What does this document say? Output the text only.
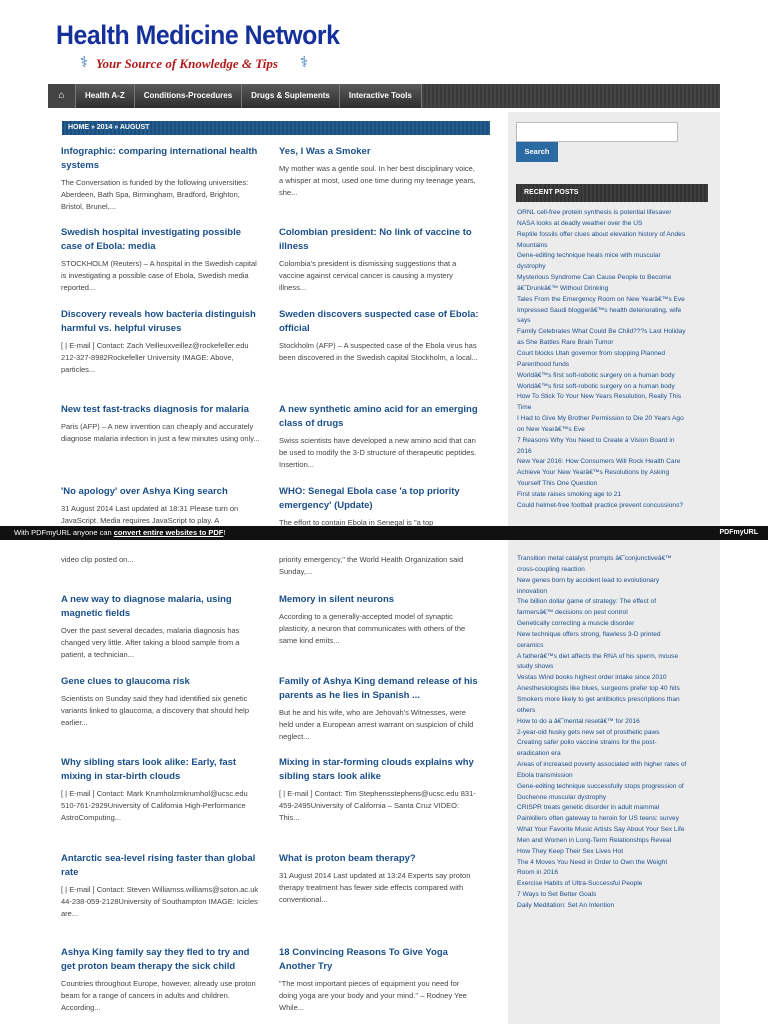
Health Medicine Network
⚕ Your Source of Knowledge & Tips ⚕
⌂	Health A-Z	Conditions-Procedures	Drugs & Suplements	Interactive Tools
HOME » 2014 » AUGUST
Infographic: comparing international health systems
The Conversation is funded by the following universities: Aberdeen, Bath Spa, Birmingham, Bradford, Brighton, Bristol, Brunel,...
Swedish hospital investigating possible case of Ebola: media
STOCKHOLM (Reuters) – A hospital in the Swedish capital is investigating a possible case of Ebola, Swedish media reported...
Discovery reveals how bacteria distinguish harmful vs. helpful viruses
[ | E-mail ] Contact: Zach Veilleuxveillez@rockefeller.edu 212-327-8982Rockefeller University IMAGE: Above, particles...
New test fast-tracks diagnosis for malaria
Paris (AFP) – A new invention can cheaply and accurately diagnose malaria infection in just a few minutes using only...
'No apology' over Ashya King search
31 August 2014 Last updated at 18:31 Please turn on JavaScript. Media requires JavaScript to play. A
video clip posted on...
A new way to diagnose malaria, using magnetic fields
Over the past several decades, malaria diagnosis has changed very little. After taking a blood sample from a patient, a technician...
Gene clues to glaucoma risk
Scientists on Sunday said they had identified six genetic variants linked to glaucoma, a discovery that should help earlier...
Why sibling stars look alike: Early, fast mixing in star-birth clouds
[ | E-mail ] Contact: Mark Krumholzmkrumhol@ucsc.edu 510-761-2929University of California High-Performance AstroComputing...
Antarctic sea-level rising faster than global rate
[ | E-mail ] Contact: Steven Williamss.williams@soton.ac.uk 44-238-059-2128University of Southampton IMAGE: Icicles are...
Ashya King family say they fled to try and get proton beam therapy the sick child
Countries throughout Europe, however, already use proton beam for a range of cancers in adults and children. According...
Yes, I Was a Smoker
My mother was a gentle soul. In her best disciplinary voice, a whisper at most, used one time during my teenage years, she...
Colombian president: No link of vaccine to illness
Colombia's president is dismissing suggestions that a vaccine against cervical cancer is causing a mystery illness...
Sweden discovers suspected case of Ebola: official
Stockholm (AFP) – A suspected case of the Ebola virus has been discovered in the Swedish capital Stockholm, a local...
A new synthetic amino acid for an emerging class of drugs
Swiss scientists have developed a new amino acid that can be used to modify the 3-D structure of therapeutic peptides. Insertion...
WHO: Senegal Ebola case 'a top priority emergency' (Update)
The effort to contain Ebola in Senegal is "a top
priority emergency," the World Health Organization said Sunday,...
Memory in silent neurons
According to a generally-accepted model of synaptic plasticity, a neuron that communicates with others of the same kind emits...
Family of Ashya King demand release of his parents as he lies in Spanish ...
But he and his wife, who are Jehovah's Witnesses, were held under a European arrest warrant on suspicion of child neglect...
Mixing in star-forming clouds explains why sibling stars look alike
[ | E-mail ] Contact: Tim Stephensstephens@ucsc.edu 831-459-2495University of California – Santa Cruz VIDEO: This...
What is proton beam therapy?
31 August 2014 Last updated at 13:24 Experts say proton therapy treatment has fewer side effects compared with conventional...
18 Convincing Reasons To Give Yoga Another Try
"The most important pieces of equipment you need for doing yoga are your body and your mind." – Rodney Yee While...
Search
RECENT POSTS
ORNL cell-free protein synthesis is potential lifesaver
NASA looks at deadly weather over the US
Reptile fossils offer clues about elevation history of Andes
Mountains
Gene-editing technique heals mice with muscular
dystrophy
Mysterious Syndrome Can Cause People to Become
â€˜Drunkâ€™ Without Drinking
Tales From the Emergency Room on New Yearâ€™s Eve
Impressed Saudi bloggerâ€™s health deteriorating, wife
says
Family Celebrates What Could Be Child???s Last Holiday
as She Battles Rare Brain Tumor
Court blocks Utah governor from stopping Planned
Parenthood funds
Worldâ€™s first soft-robotic surgery on a human body
Worldâ€™s first soft-robotic surgery on a human body
How To Stick To Your New Years Resolution, Really This
Time
I Had to Give My Brother Permission to Die 20 Years Ago
on New Yearâ€™s Eve
7 Reasons Why You Need to Create a Vision Board in
2016
New Year 2016: How Consumers Will Rock Health Care
Achieve Your New Yearâ€™s Resolutions by Asking
Yourself This One Question
First state raises smoking age to 21
Could helmet-free football practice prevent concussions?
Transition metal catalyst prompts â€˜conjunctiveâ€™
cross-coupling reaction
New genes born by accident lead to evolutionary
innovation
The billion dollar game of strategy: The effect of
farmersâ€™ decisions on pest control
Genetically correcting a muscle disorder
New technique offers strong, flawless 3-D printed
ceramics
A fatherâ€™s diet affects the RNA of his sperm, mouse
study shows
Vestas Wind books highest order intake since 2010
Anesthesiologists like blues, surgeons prefer top 40 hits
Smokers more likely to get antibiotics prescriptions than
others
How to do a â€˜mental resetâ€™ for 2016
2-year-old husky gets new set of prosthetic paws
Creating safer polio vaccine strains for the post-
eradication era
Areas of increased poverty associated with higher rates of
Ebola transmission
Gene-editing technique successfully stops progression of
Duchenne muscular dystrophy
CRISPR treats genetic disorder in adult mammal
Painkillers often gateway to heroin for US teens: survey
What Your Favorite Music Artists Say About Your Sex Life
Men and Women in Long-Term Relationships Reveal
How They Keep Their Sex Lives Hot
The 4 Moves You Need in Order to Own the Weight
Room in 2016
Exercise Habits of Ultra-Successful People
7 Ways to Set Better Goals
Daily Meditation: Set An Intention
With PDFmyURL anyone can convert entire websites to PDF!	PDFmyURL
